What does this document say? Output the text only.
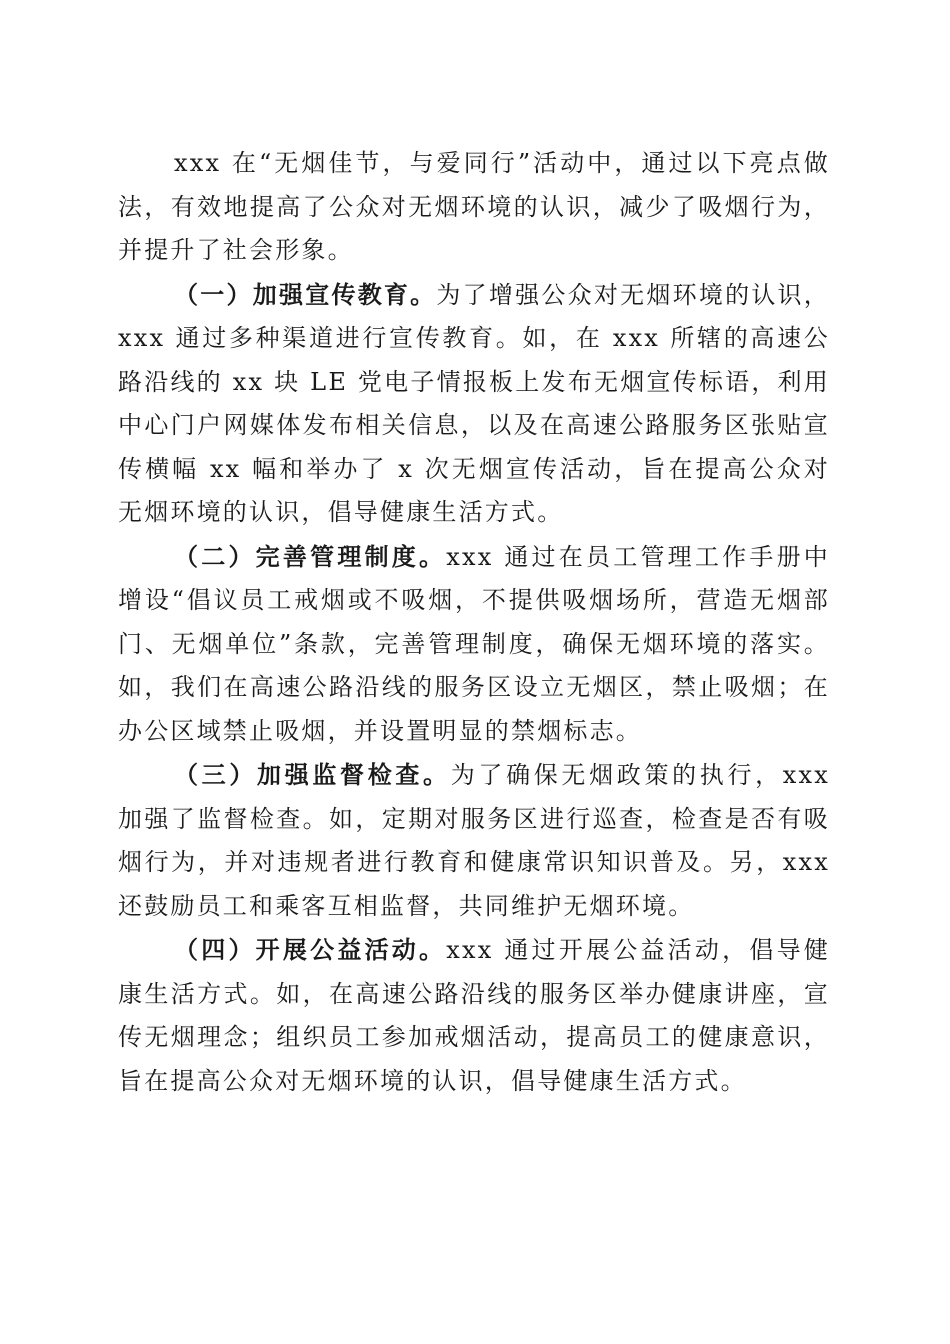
xxx 在“无烟佳节，与爱同行”活动中，通过以下亮点做法，有效地提高了公众对无烟环境的认识，减少了吸烟行为，并提升了社会形象。

（一）加强宣传教育。为了增强公众对无烟环境的认识，xxx 通过多种渠道进行宣传教育。如，在 xxx 所辖的高速公路沿线的 xx 块 LE 党电子情报板上发布无烟宣传标语，利用中心门户网媒体发布相关信息，以及在高速公路服务区张贴宣传横幅 xx 幅和举办了 x 次无烟宣传活动，旨在提高公众对无烟环境的认识，倡导健康生活方式。

（二）完善管理制度。xxx 通过在员工管理工作手册中增设“倡议员工戒烟或不吸烟，不提供吸烟场所，营造无烟部门、无烟单位”条款，完善管理制度，确保无烟环境的落实。如，我们在高速公路沿线的服务区设立无烟区，禁止吸烟；在办公区域禁止吸烟，并设置明显的禁烟标志。

（三）加强监督检查。为了确保无烟政策的执行，xxx 加强了监督检查。如，定期对服务区进行巡查，检查是否有吸烟行为，并对违规者进行教育和健康常识知识普及。另，xxx 还鼓励员工和乘客互相监督，共同维护无烟环境。

（四）开展公益活动。xxx 通过开展公益活动，倡导健康生活方式。如，在高速公路沿线的服务区举办健康讲座，宣传无烟理念；组织员工参加戒烟活动，提高员工的健康意识，旨在提高公众对无烟环境的认识，倡导健康生活方式。
